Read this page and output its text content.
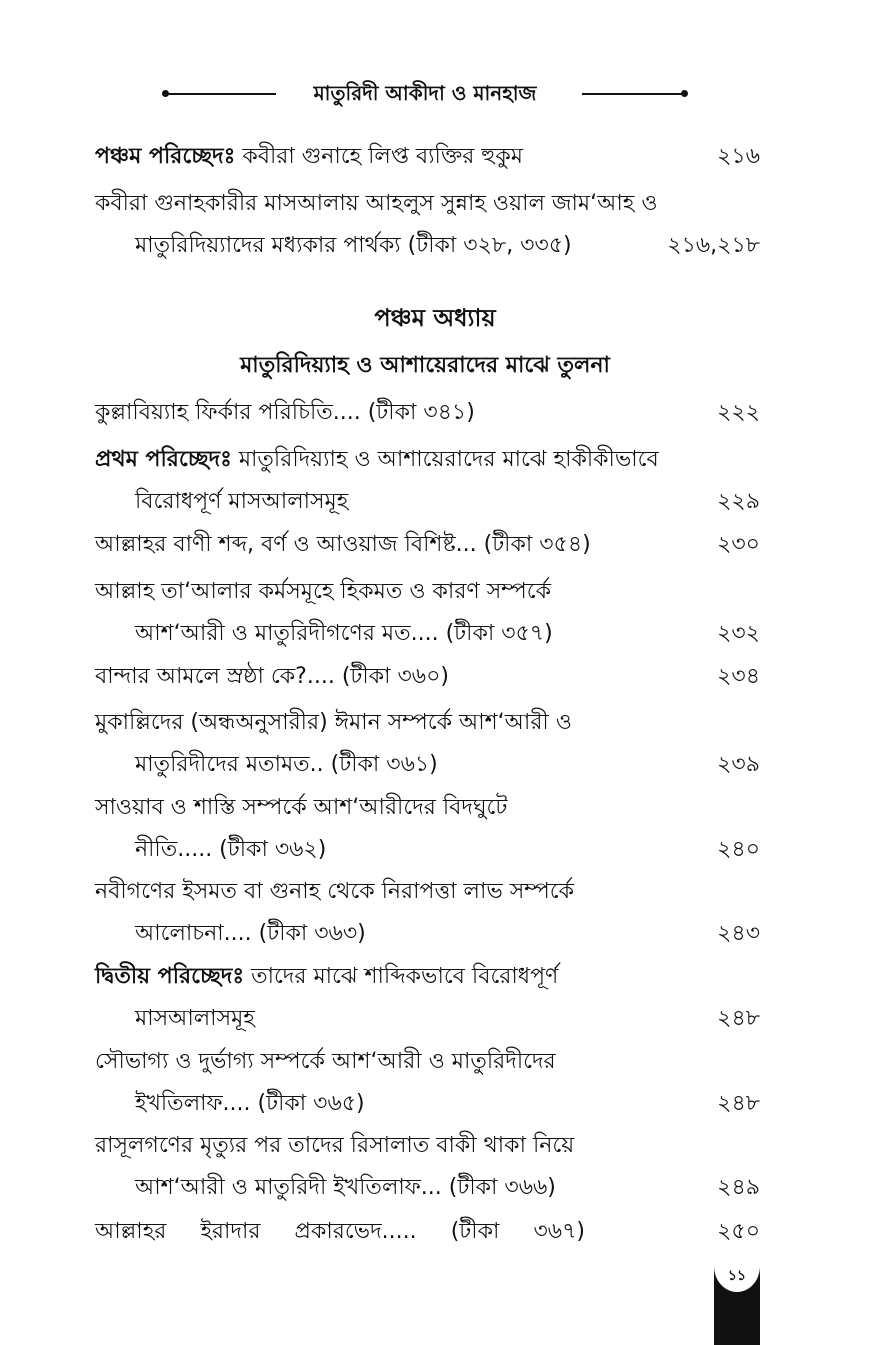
মাতুরিদী আকীদা ও মানহাজ
পঞ্চম পরিচ্ছেদঃ কবীরা গুনাহে লিপ্ত ব্যক্তির হুকুম	২১৬
কবীরা গুনাহকারীর মাসআলায় আহলুস সুন্নাহ ওয়াল জাম‘আহ ও
মাতুরিদিয়্যাদের মধ্যকার পার্থক্য (টীকা ৩২৮, ৩৩৫)	২১৬,২১৮
পঞ্চম অধ্যায়
মাতুরিদিয়্যাহ ও আশায়েরাদের মাঝে তুলনা
কুল্লাবিয়্যাহ ফির্কার পরিচিতি.... (টীকা ৩৪১)	২২২
প্রথম পরিচ্ছেদঃ মাতুরিদিয়্যাহ ও আশায়েরাদের মাঝে হাকীকীভাবে
বিরোধপূর্ণ মাসআলাসমূহ	২২৯
আল্লাহর বাণী শব্দ, বর্ণ ও আওয়াজ বিশিষ্ট... (টীকা ৩৫৪)	২৩০
আল্লাহ তা‘আলার কর্মসমূহে হিকমত ও কারণ সম্পর্কে
আশ‘আরী ও মাতুরিদীগণের মত.... (টীকা ৩৫৭)	২৩২
বান্দার আমলে স্রষ্ঠা কে?.... (টীকা ৩৬০)	২৩৪
মুকাল্লিদের (অন্ধঅনুসারীর) ঈমান সম্পর্কে আশ‘আরী ও
মাতুরিদীদের মতামত.. (টীকা ৩৬১)	২৩৯
সাওয়াব ও শাস্তি সম্পর্কে আশ‘আরীদের বিদঘুটে
নীতি..... (টীকা ৩৬২)	২৪০
নবীগণের ইসমত বা গুনাহ থেকে নিরাপত্তা লাভ সম্পর্কে
আলোচনা.... (টীকা ৩৬৩)	২৪৩
দ্বিতীয় পরিচ্ছেদঃ তাদের মাঝে শাব্দিকভাবে বিরোধপূর্ণ
মাসআলাসমূহ	২৪৮
সৌভাগ্য ও দুর্ভাগ্য সম্পর্কে আশ‘আরী ও মাতুরিদীদের
ইখতিলাফ.... (টীকা ৩৬৫)	২৪৮
রাসূলগণের মৃত্যুর পর তাদের রিসালাত বাকী থাকা নিয়ে
আশ‘আরী ও মাতুরিদী ইখতিলাফ... (টীকা ৩৬৬)	২৪৯
আল্লাহর ইরাদার প্রকারভেদ..... (টীকা ৩৬৭)	২৫০
১১
